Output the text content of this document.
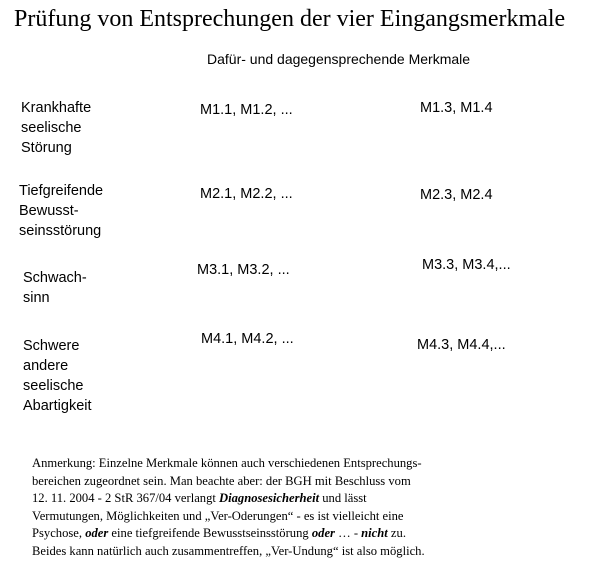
Prüfung von Entsprechungen der vier Eingangsmerkmale
Dafür- und dagegensprechende Merkmale
Krankhafte
seelische
Störung
M1.1, M1.2, ...	M1.3, M1.4
Tiefgreifende
Bewusst-
seinsstörung
M2.1, M2.2, ...	M2.3, M2.4
Schwach-
sinn
M3.1, M3.2, ...	M3.3, M3.4,...
Schwere
andere
seelische
Abartigkeit
M4.1, M4.2, ...	M4.3, M4.4,...
Anmerkung: Einzelne Merkmale können auch verschiedenen Entsprechungs-
bereichen zugeordnet sein. Man beachte aber: der BGH mit Beschluss vom
12. 11. 2004 - 2 StR 367/04 verlangt Diagnosesicherheit und lässt
Vermutungen, Möglichkeiten und „Ver-Oderungen“ - es ist vielleicht eine
Psychose, oder eine tiefgreifende Bewusstseinsstörung oder … - nicht zu.
Beides kann natürlich auch zusammentreffen, „Ver-Undung“ ist also möglich.
